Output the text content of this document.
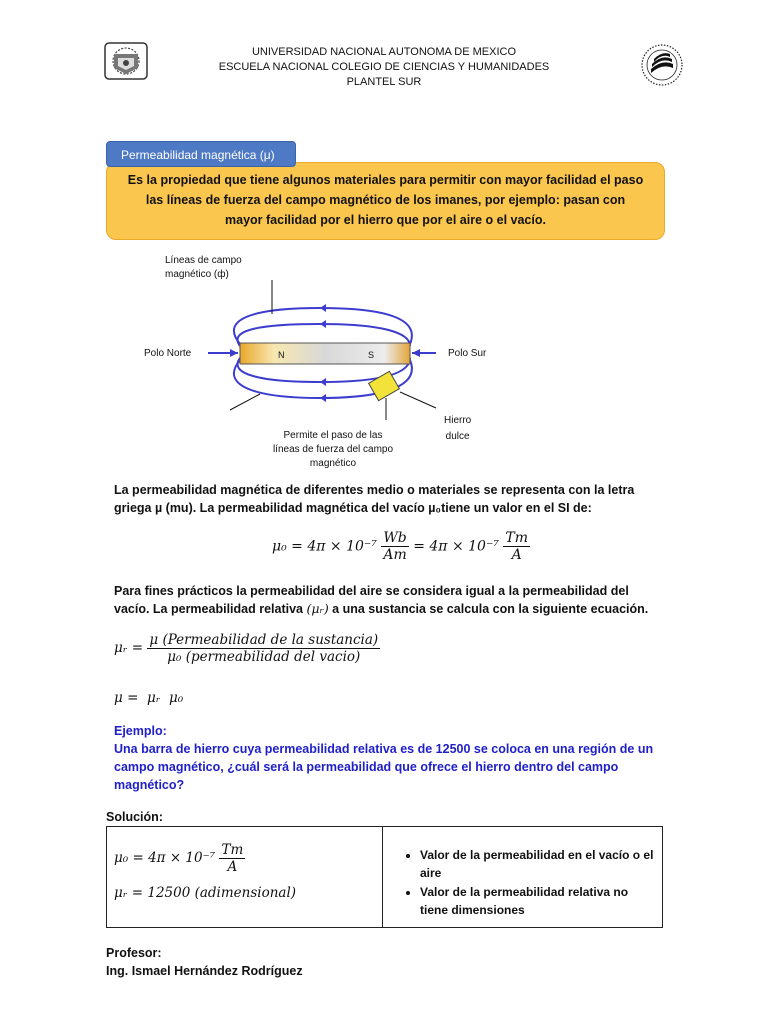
UNIVERSIDAD NACIONAL AUTONOMA DE MEXICO
ESCUELA NACIONAL COLEGIO DE CIENCIAS Y HUMANIDADES
PLANTEL SUR
Permeabilidad magnética (μ)
Es la propiedad que tiene algunos materiales para permitir con mayor facilidad el paso las líneas de fuerza del campo magnético de los imanes, por ejemplo: pasan con mayor facilidad por el hierro que por el aire o el vacío.
N	S
Líneas de campo
magnético (ф)
Polo Norte	Polo Sur
Hierro
dulce
Permite el paso de las
líneas de fuerza del campo
magnético
La permeabilidad magnética de diferentes medio o materiales se representa con la letra griega µ (mu). La permeabilidad magnética del vacío µ₀tiene un valor en el SI de:
$\mu_0 = 4\pi \times 10^{-7} \frac{Wb}{Am} = 4\pi \times 10^{-7} \frac{Tm}{A}$
Para fines prácticos la permeabilidad del aire se considera igual a la permeabilidad del vacío. La permeabilidad relativa (μᵣ) a una sustancia se calcula con la siguiente ecuación.
μᵣ = $\frac{\text{μ (Permeabilidad de la sustancia)}}{\text{μ₀ (permeabilidad del vacio)}}$
μ =  μᵣ  μ₀
Ejemplo:
Una barra de hierro cuya permeabilidad relativa es de 12500 se coloca en una región de un campo magnético, ¿cuál será la permeabilidad que ofrece el hierro dentro del campo magnético?
Solución:
$\mu_0 = 4\pi \times 10^{-7} \frac{Tm}{A}$
μᵣ = 12500 (adimensional)

• Valor de la permeabilidad en el vacío o el aire
• Valor de la permeabilidad relativa no tiene dimensiones
Profesor:
Ing. Ismael Hernández Rodríguez
